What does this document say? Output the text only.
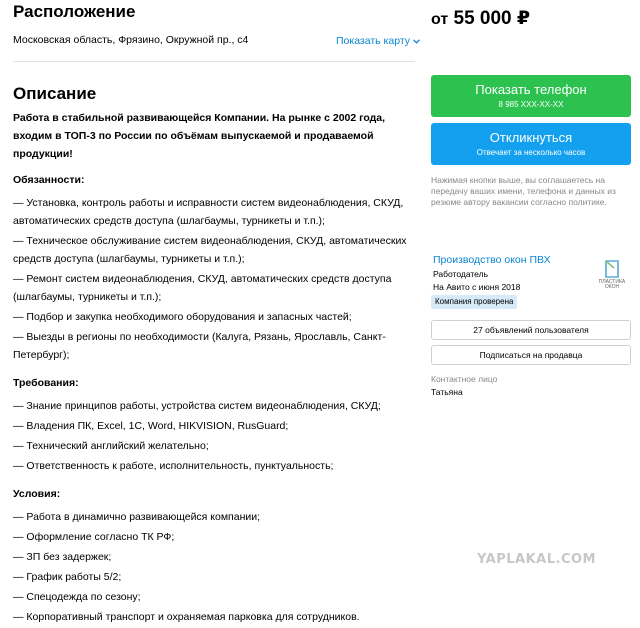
Расположение
Московская область, Фрязино, Окружной пр., с4	Показать карту
Описание

Работа в стабильной развивающейся Компании. На рынке с 2002 года, входим в ТОП-3 по России по объёмам выпускаемой и продаваемой продукции!

Обязанности:

— Установка, контроль работы и исправности систем видеонаблюдения, СКУД, автоматических средств доступа (шлагбаумы, турникеты и т.п.);

— Техническое обслуживание систем видеонаблюдения, СКУД, автоматических средств доступа (шлагбаумы, турникеты и т.п.);

— Ремонт систем видеонаблюдения, СКУД, автоматических средств доступа (шлагбаумы, турникеты и т.п.);

— Подбор и закупка необходимого оборудования и запасных частей;

— Выезды в регионы по необходимости (Калуга, Рязань, Ярославль, Санкт-Петербург);

Требования:

— Знание принципов работы, устройства систем видеонаблюдения, СКУД;

— Владения ПК, Excel, 1C, Word, HIKVISION, RusGuard;

— Технический английский желательно;

— Ответственность к работе, исполнительность, пунктуальность;

Условия:

— Работа в динамично развивающейся компании;

— Оформление согласно ТК РФ;

— ЗП без задержек;

— График работы 5/2;

— Спецодежда по сезону;

— Корпоративный транспорт и охраняемая парковка для сотрудников.

от 55 000 ₽
Показать телефон
8 985 XXX-XX-XX
Откликнуться
Отвечает за несколько часов
Нажимая кнопки выше, вы соглашаетесь на передачу ваших имени, телефона и данных из резюме автору вакансии согласно политике.
Производство окон ПВХ
Работодатель
На Авито с июня 2018
Компания проверена
ПЛАСТИКА ОКОН
27 объявлений пользователя
Подписаться на продавца
Контактное лицо
Татьяна
YAPLAKAL.COM
